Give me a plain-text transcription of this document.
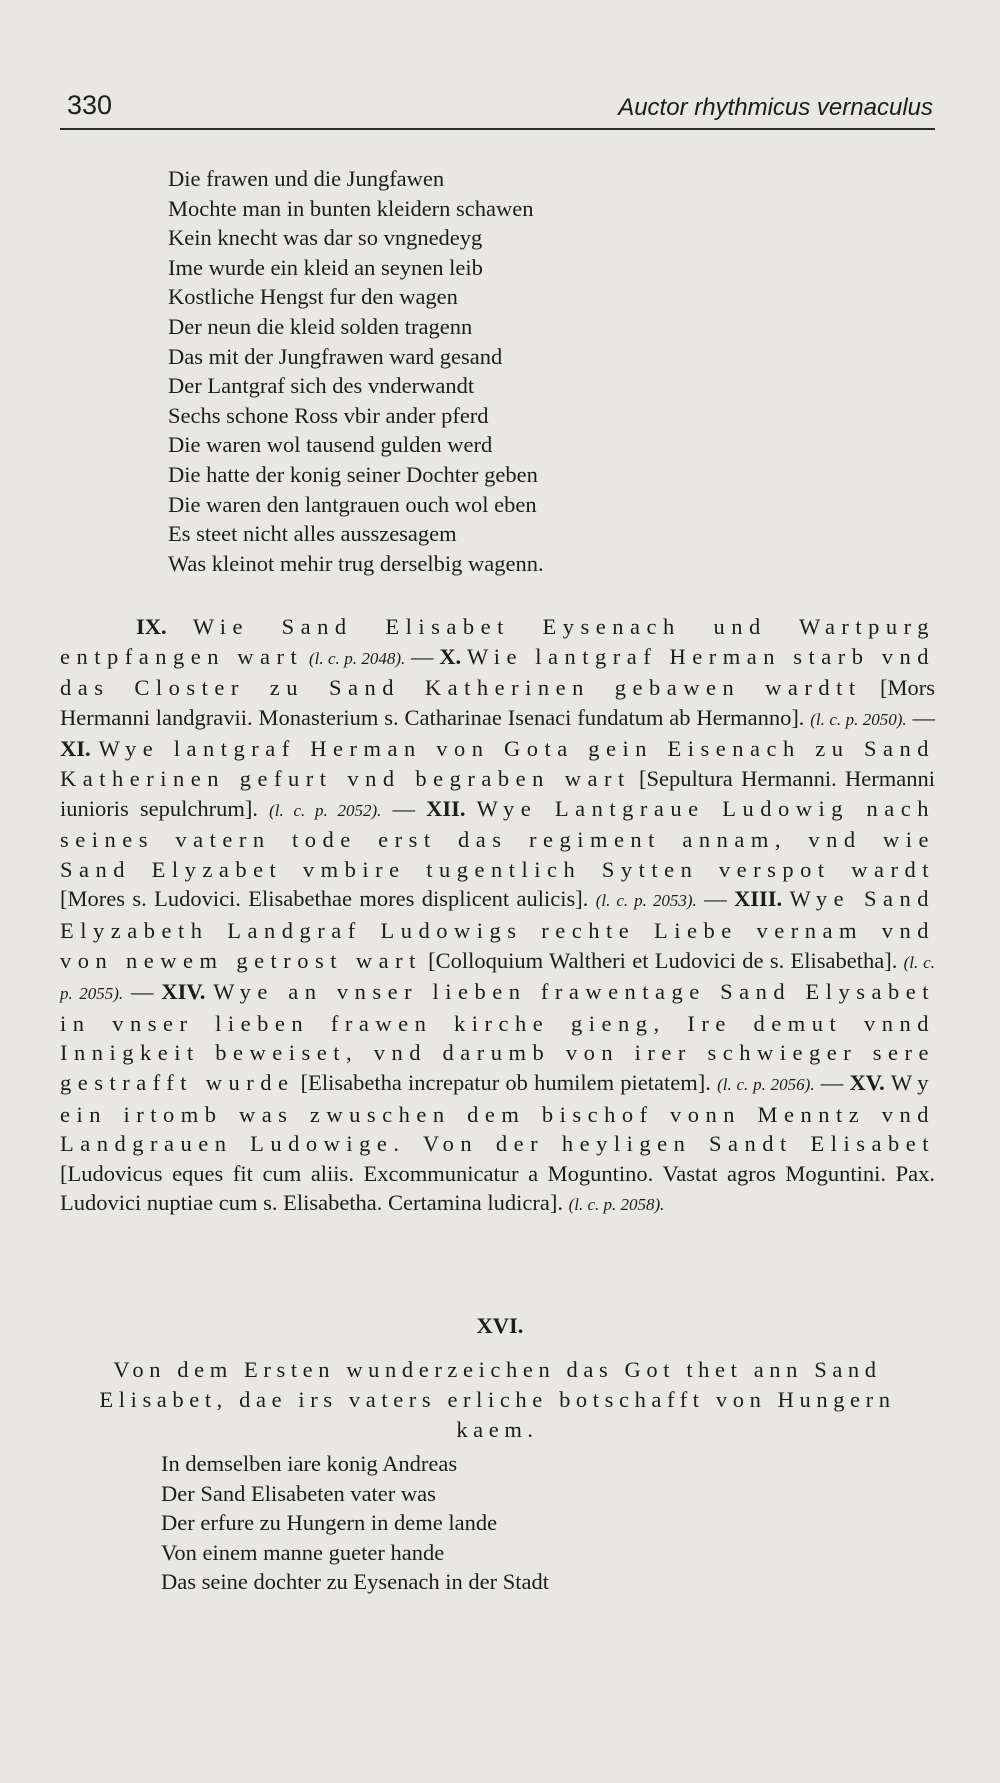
330	Auctor rhythmicus vernaculus
Die frawen und die Jungfawen
Mochte man in bunten kleidern schawen
Kein knecht was dar so vngnedeyg
Ime wurde ein kleid an seynen leib
Kostliche Hengst fur den wagen
Der neun die kleid solden tragenn
Das mit der Jungfrawen ward gesand
Der Lantgraf sich des vnderwandt
Sechs schone Ross vbir ander pferd
Die waren wol tausend gulden werd
Die hatte der konig seiner Dochter geben
Die waren den lantgrauen ouch wol eben
Es steet nicht alles ausszesagem
Was kleinot mehir trug derselbig wagenn.

IX. Wie Sand Elisabet Eysenach und Wartpurg entpfangen wart (l. c. p. 2048). — X. Wie lantgraf Herman starb vnd das Closter zu Sand Katherinen gebawen wardtt [Mors Hermanni landgravii. Monasterium s. Catharinae Isenaci fundatum ab Hermanno]. (l. c. p. 2050). — XI. Wye lantgraf Herman von Gota gein Eisenach zu Sand Katherinen gefurt vnd begraben wart [Sepultura Hermanni. Hermanni iunioris sepulchrum]. (l. c. p. 2052). — XII. Wye Lantgraue Ludowig nach seines vatern tode erst das regiment annam, vnd wie Sand Elyzabet vmbire tugentlich Sytten verspot wardt [Mores s. Ludovici. Elisabethae mores displicent aulicis]. (l. c. p. 2053). — XIII. Wye Sand Elyzabeth Landgraf Ludowigs rechte Liebe vernam vnd von newem getrost wart [Colloquium Waltheri et Ludovici de s. Elisabetha]. (l. c. p. 2055). — XIV. Wye an vnser lieben frawentage Sand Elysabet in vnser lieben frawen kirche gieng, Ire demut vnnd Innigkeit beweiset, vnd darumb von irer schwieger sere gestrafft wurde [Elisabetha increpatur ob humilem pietatem]. (l. c. p. 2056). — XV. Wy ein irtomb was zwuschen dem bischof vonn Menntz vnd Landgrauen Ludowige. Von der heyligen Sandt Elisabet [Ludovicus eques fit cum aliis. Excommunicatur a Moguntino. Vastat agros Moguntini. Pax. Ludovici nuptiae cum s. Elisabetha. Certamina ludicra]. (l. c. p. 2058).

XVI.

Von dem Ersten wunderzeichen das Got thet ann Sand Elisabet, dae irs vaters erliche botschafft von Hungern kaem.

In demselben iare konig Andreas
Der Sand Elisabeten vater was
Der erfure zu Hungern in deme lande
Von einem manne gueter hande
Das seine dochter zu Eysenach in der Stadt
